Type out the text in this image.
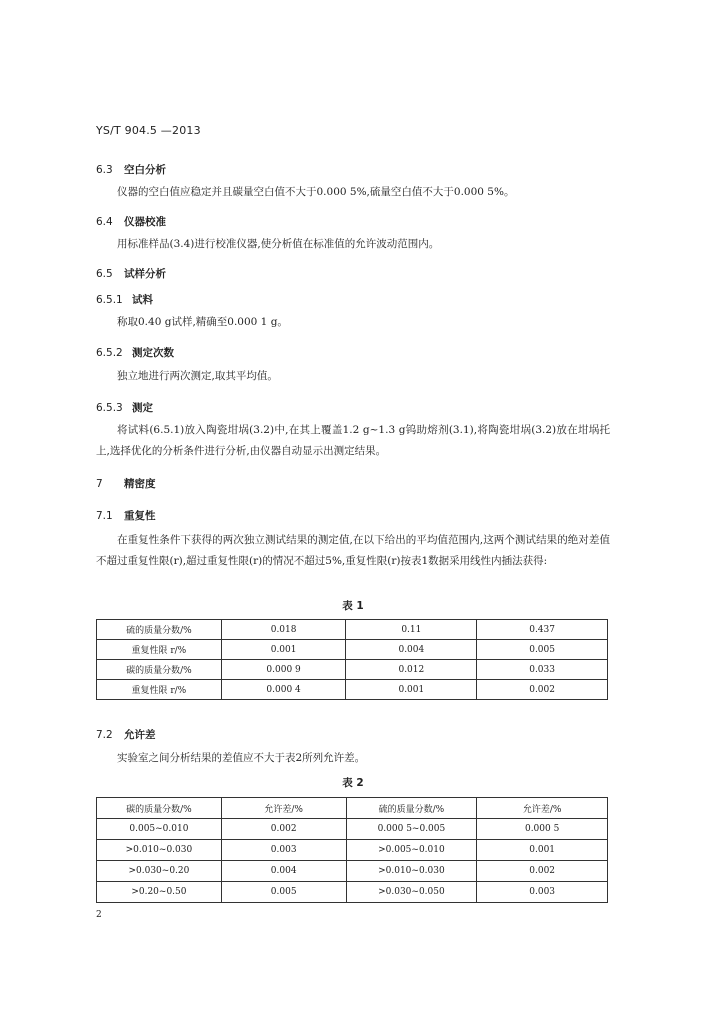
YS/T 904.5 —2013
6.3 空白分析
仪器的空白值应稳定并且碳量空白值不大于0.000 5%,硫量空白值不大于0.000 5%。
6.4 仪器校准
用标准样品(3.4)进行校准仪器,使分析值在标准值的允许波动范围内。
6.5 试样分析
6.5.1 试料
称取0.40 g试样,精确至0.000 1 g。
6.5.2 测定次数
独立地进行两次测定,取其平均值。
6.5.3 测定
将试料(6.5.1)放入陶瓷坩埚(3.2)中,在其上覆盖1.2 g~1.3 g钨助熔剂(3.1),将陶瓷坩埚(3.2)放在坩埚托上,选择优化的分析条件进行分析,由仪器自动显示出测定结果。
7 精密度
7.1 重复性
在重复性条件下获得的两次独立测试结果的测定值,在以下给出的平均值范围内,这两个测试结果的绝对差值不超过重复性限(r),超过重复性限(r)的情况不超过5%,重复性限(r)按表1数据采用线性内插法获得:
表 1
硫的质量分数/%	0.018	0.11	0.437
重复性限 r/%	0.001	0.004	0.005
碳的质量分数/%	0.000 9	0.012	0.033
重复性限 r/%	0.000 4	0.001	0.002
7.2 允许差
实验室之间分析结果的差值应不大于表2所列允许差。
表 2
碳的质量分数/%	允许差/%	硫的质量分数/%	允许差/%
0.005~0.010	0.002	0.000 5~0.005	0.000 5
>0.010~0.030	0.003	>0.005~0.010	0.001
>0.030~0.20	0.004	>0.010~0.030	0.002
>0.20~0.50	0.005	>0.030~0.050	0.003
2
